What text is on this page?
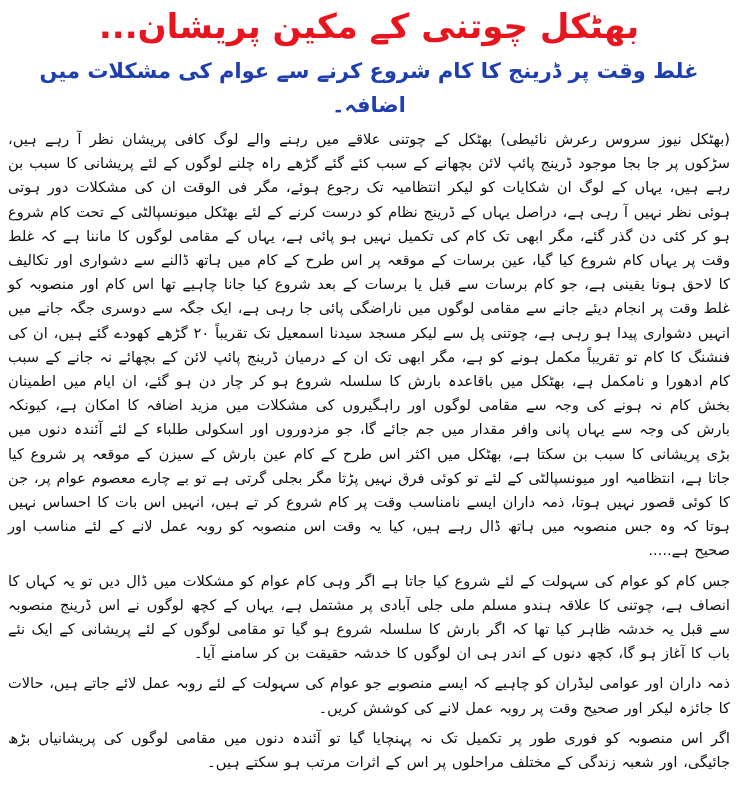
بھٹکل چوتنی کے مکین پریشان...
غلط وقت پر ڈرینج کا کام شروع کرنے سے عوام کی مشکلات میں اضافہ۔

(بھٹکل نیوز سروس رعرش نائیطی) بھٹکل کے چوتنی علاقے میں رہنے والے لوگ کافی پریشان نظر آ رہے ہیں، سڑکوں پر جا بجا موجود ڈرینج پائپ لائن بچھانے کے سبب کئے گئے گڑھے راہ چلنے لوگوں کے لئے پریشانی کا سبب بن رہے ہیں، یہاں کے لوگ ان شکایات کو لیکر انتظامیہ تک رجوع ہوئے، مگر فی الوقت ان کی مشکلات دور ہوتی ہوئی نظر نہیں آ رہی ہے، دراصل یہاں کے ڈرینج نظام کو درست کرنے کے لئے بھٹکل میونسپالٹی کے تحت کام شروع ہو کر کئی دن گذر گئے، مگر ابھی تک کام کی تکمیل نہیں ہو پائی ہے، یہاں کے مقامی لوگوں کا ماننا ہے کہ غلط وقت پر یہاں کام شروع کیا گیا، عین برسات کے موقعہ پر اس طرح کے کام میں ہاتھ ڈالنے سے دشواری اور تکالیف کا لاحق ہونا یقینی ہے، جو کام برسات سے قبل یا برسات کے بعد شروع کیا جانا چاہیے تھا اس کام اور منصوبہ کو غلط وقت پر انجام دیئے جانے سے مقامی لوگوں میں ناراضگی پائی جا رہی ہے، ایک جگہ سے دوسری جگہ جانے میں انہیں دشواری پیدا ہو رہی ہے، چوتنی پل سے لیکر مسجد سیدنا اسمعیل تک تقریباً ۲۰ گڑھے کھودے گئے ہیں، ان کی فنشنگ کا کام تو تقریباً مکمل ہونے کو ہے، مگر ابھی تک ان کے درمیان ڈرینج پائپ لائن کے بچھائے نہ جانے کے سبب کام ادھورا و نامکمل ہے، بھٹکل میں باقاعدہ بارش کا سلسلہ شروع ہو کر چار دن ہو گئے، ان ایام میں اطمینان بخش کام نہ ہونے کی وجہ سے مقامی لوگوں اور راہگیروں کی مشکلات میں مزید اضافہ کا امکان ہے، کیونکہ بارش کی وجہ سے یہاں پانی وافر مقدار میں جم جائے گا، جو مزدوروں اور اسکولی طلباء کے لئے آئندہ دنوں میں بڑی پریشانی کا سبب بن سکتا ہے، بھٹکل میں اکثر اس طرح کے کام عین بارش کے سیزن کے موقعہ پر شروع کیا جاتا ہے، انتظامیہ اور میونسپالٹی کے لئے تو کوئی فرق نہیں پڑتا مگر بجلی گرتی ہے تو بے چارے معصوم عوام پر، جن کا کوئی قصور نہیں ہوتا، ذمہ داران ایسے نامناسب وقت پر کام شروع کر تے ہیں، انہیں اس بات کا احساس نہیں ہوتا کہ وہ جس منصوبہ میں ہاتھ ڈال رہے ہیں، کیا یہ وقت اس منصوبہ کو روبہ عمل لانے کے لئے مناسب اور صحیح ہے.....

جس کام کو عوام کی سہولت کے لئے شروع کیا جاتا ہے اگر وہی کام عوام کو مشکلات میں ڈال دیں تو یہ کہاں کا انصاف ہے، چوتنی کا علاقہ ہندو مسلم ملی جلی آبادی پر مشتمل ہے، یہاں کے کچھ لوگوں نے اس ڈرینج منصوبہ سے قبل یہ خدشہ ظاہر کیا تھا کہ اگر بارش کا سلسلہ شروع ہو گیا تو مقامی لوگوں کے لئے پریشانی کے ایک نئے باب کا آغاز ہو گا، کچھ دنوں کے اندر ہی ان لوگوں کا خدشہ حقیقت بن کر سامنے آیا۔

ذمہ داران اور عوامی لیڈران کو چاہیے کہ ایسے منصوبے جو عوام کی سہولت کے لئے روبہ عمل لائے جاتے ہیں، حالات کا جائزہ لیکر اور صحیح وقت پر روبہ عمل لانے کی کوشش کریں۔

اگر اس منصوبہ کو فوری طور پر تکمیل تک نہ پہنچایا گیا تو آئندہ دنوں میں مقامی لوگوں کی پریشانیاں بڑھ جائیگی، اور شعبہ زندگی کے مختلف مراحلوں پر اس کے اثرات مرتب ہو سکتے ہیں۔
